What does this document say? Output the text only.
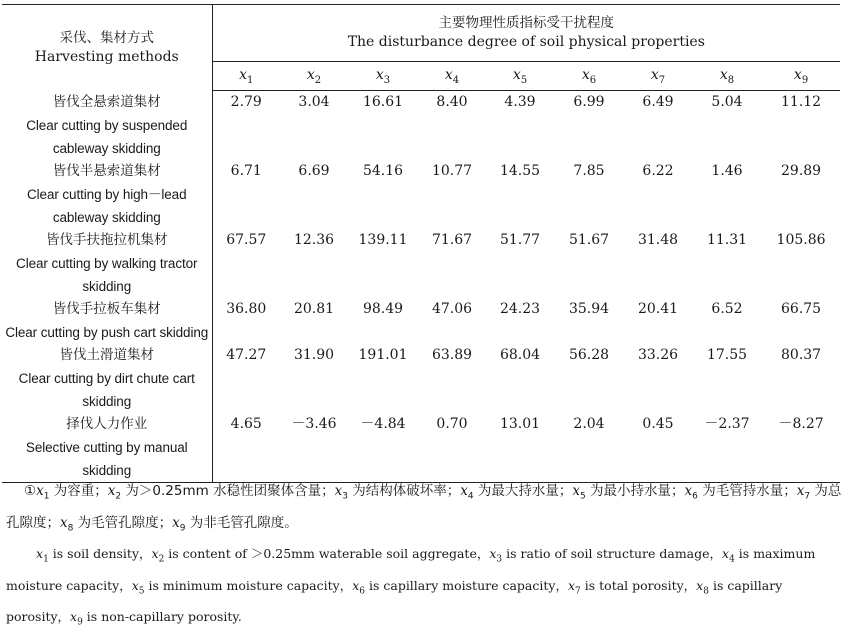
采伐、集材方式
Harvesting methods	主要物理性质指标受干扰程度
The disturbance degree of soil physical properties								
	$x_1$	$x_2$	$x_3$	$x_4$	$x_5$	$x_6$	$x_7$	$x_8$	$x_9$

皆伐全悬索道集材
Clear cutting by suspended
cableway skidding	2.79	3.04	16.61	8.40	4.39	6.99	6.49	5.04	11.12

皆伐半悬索道集材
Clear cutting by high－lead
cableway skidding	6.71	6.69	54.16	10.77	14.55	7.85	6.22	1.46	29.89

皆伐手扶拖拉机集材
Clear cutting by walking tractor
skidding	67.57	12.36	139.11	71.67	51.77	51.67	31.48	11.31	105.86

皆伐手拉板车集材
Clear cutting by push cart skidding	36.80	20.81	98.49	47.06	24.23	35.94	20.41	6.52	66.75

皆伐土滑道集材
Clear cutting by dirt chute cart
skidding	47.27	31.90	191.01	63.89	68.04	56.28	33.26	17.55	80.37

择伐人力作业
Selective cutting by manual
skidding	4.65	－3.46	－4.84	0.70	13.01	2.04	0.45	－2.37	－8.27

$①x_1$ 为容重；$x_2$ 为＞0.25mm 水稳性团聚体含量；$x_3$ 为结构体破坏率；$x_4$ 为最大持水量；$x_5$ 为最小持水量；$x_6$ 为毛管持水量；$x_7$ 为总孔隙度；$x_8$ 为毛管孔隙度；$x_9$ 为非毛管孔隙度。

$x_1$ is soil density，$x_2$ is content of ＞0.25mm waterable soil aggregate，$x_3$ is ratio of soil structure damage，$x_4$ is maximum moisture capacity，$x_5$ is minimum moisture capacity，$x_6$ is capillary moisture capacity，$x_7$ is total porosity，$x_8$ is capillary porosity，$x_9$ is non-capillary porosity.
